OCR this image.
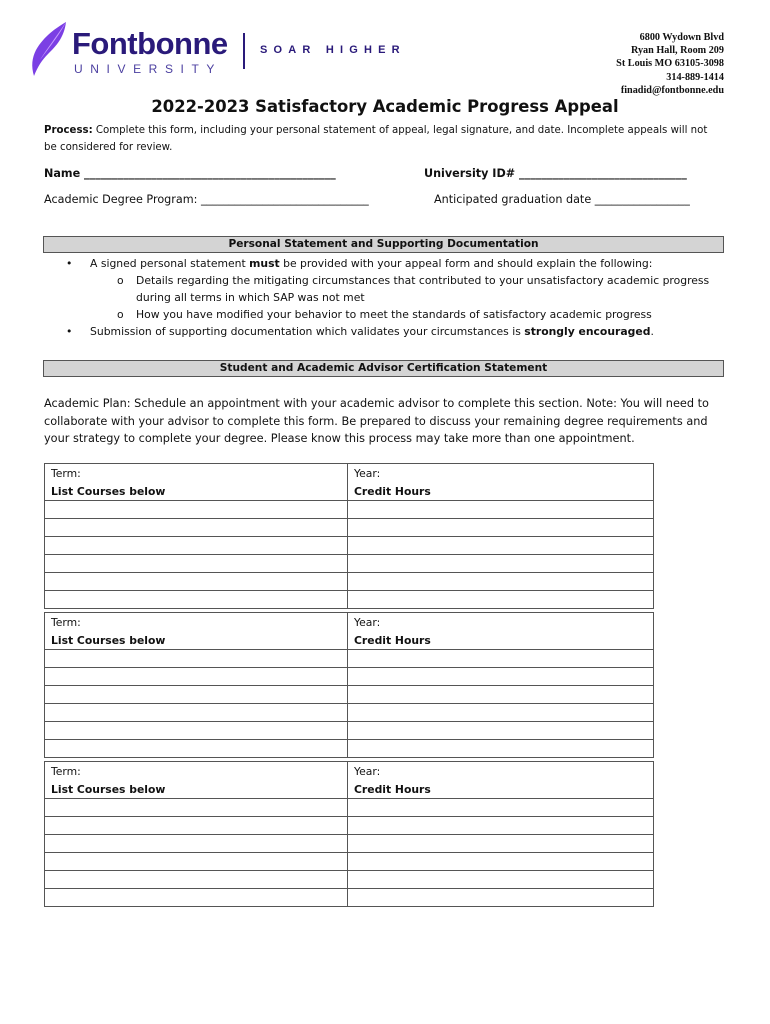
Fontbonne
UNIVERSITY
SOAR HIGHER
6800 Wydown Blvd
Ryan Hall, Room 209
St Louis MO 63105-3098
314-889-1414
finadid@fontbonne.edu
2022-2023 Satisfactory Academic Progress Appeal
Process: Complete this form, including your personal statement of appeal, legal signature, and date. Incomplete appeals will not
be considered for review.
Name _____________________________________________	University ID# ______________________________
Academic Degree Program: ______________________________	Anticipated graduation date _________________
Personal Statement and Supporting Documentation
• A signed personal statement must be provided with your appeal form and should explain the following:
o Details regarding the mitigating circumstances that contributed to your unsatisfactory academic progress
during all terms in which SAP was not met
o How you have modified your behavior to meet the standards of satisfactory academic progress
• Submission of supporting documentation which validates your circumstances is strongly encouraged.
Student and Academic Advisor Certification Statement
Academic Plan: Schedule an appointment with your academic advisor to complete this section. Note: You will need to
collaborate with your advisor to complete this form. Be prepared to discuss your remaining degree requirements and
your strategy to complete your degree. Please know this process may take more than one appointment.
Term:	Year:
List Courses below	Credit Hours

Term:	Year:
List Courses below	Credit Hours

Term:	Year:
List Courses below	Credit Hours
